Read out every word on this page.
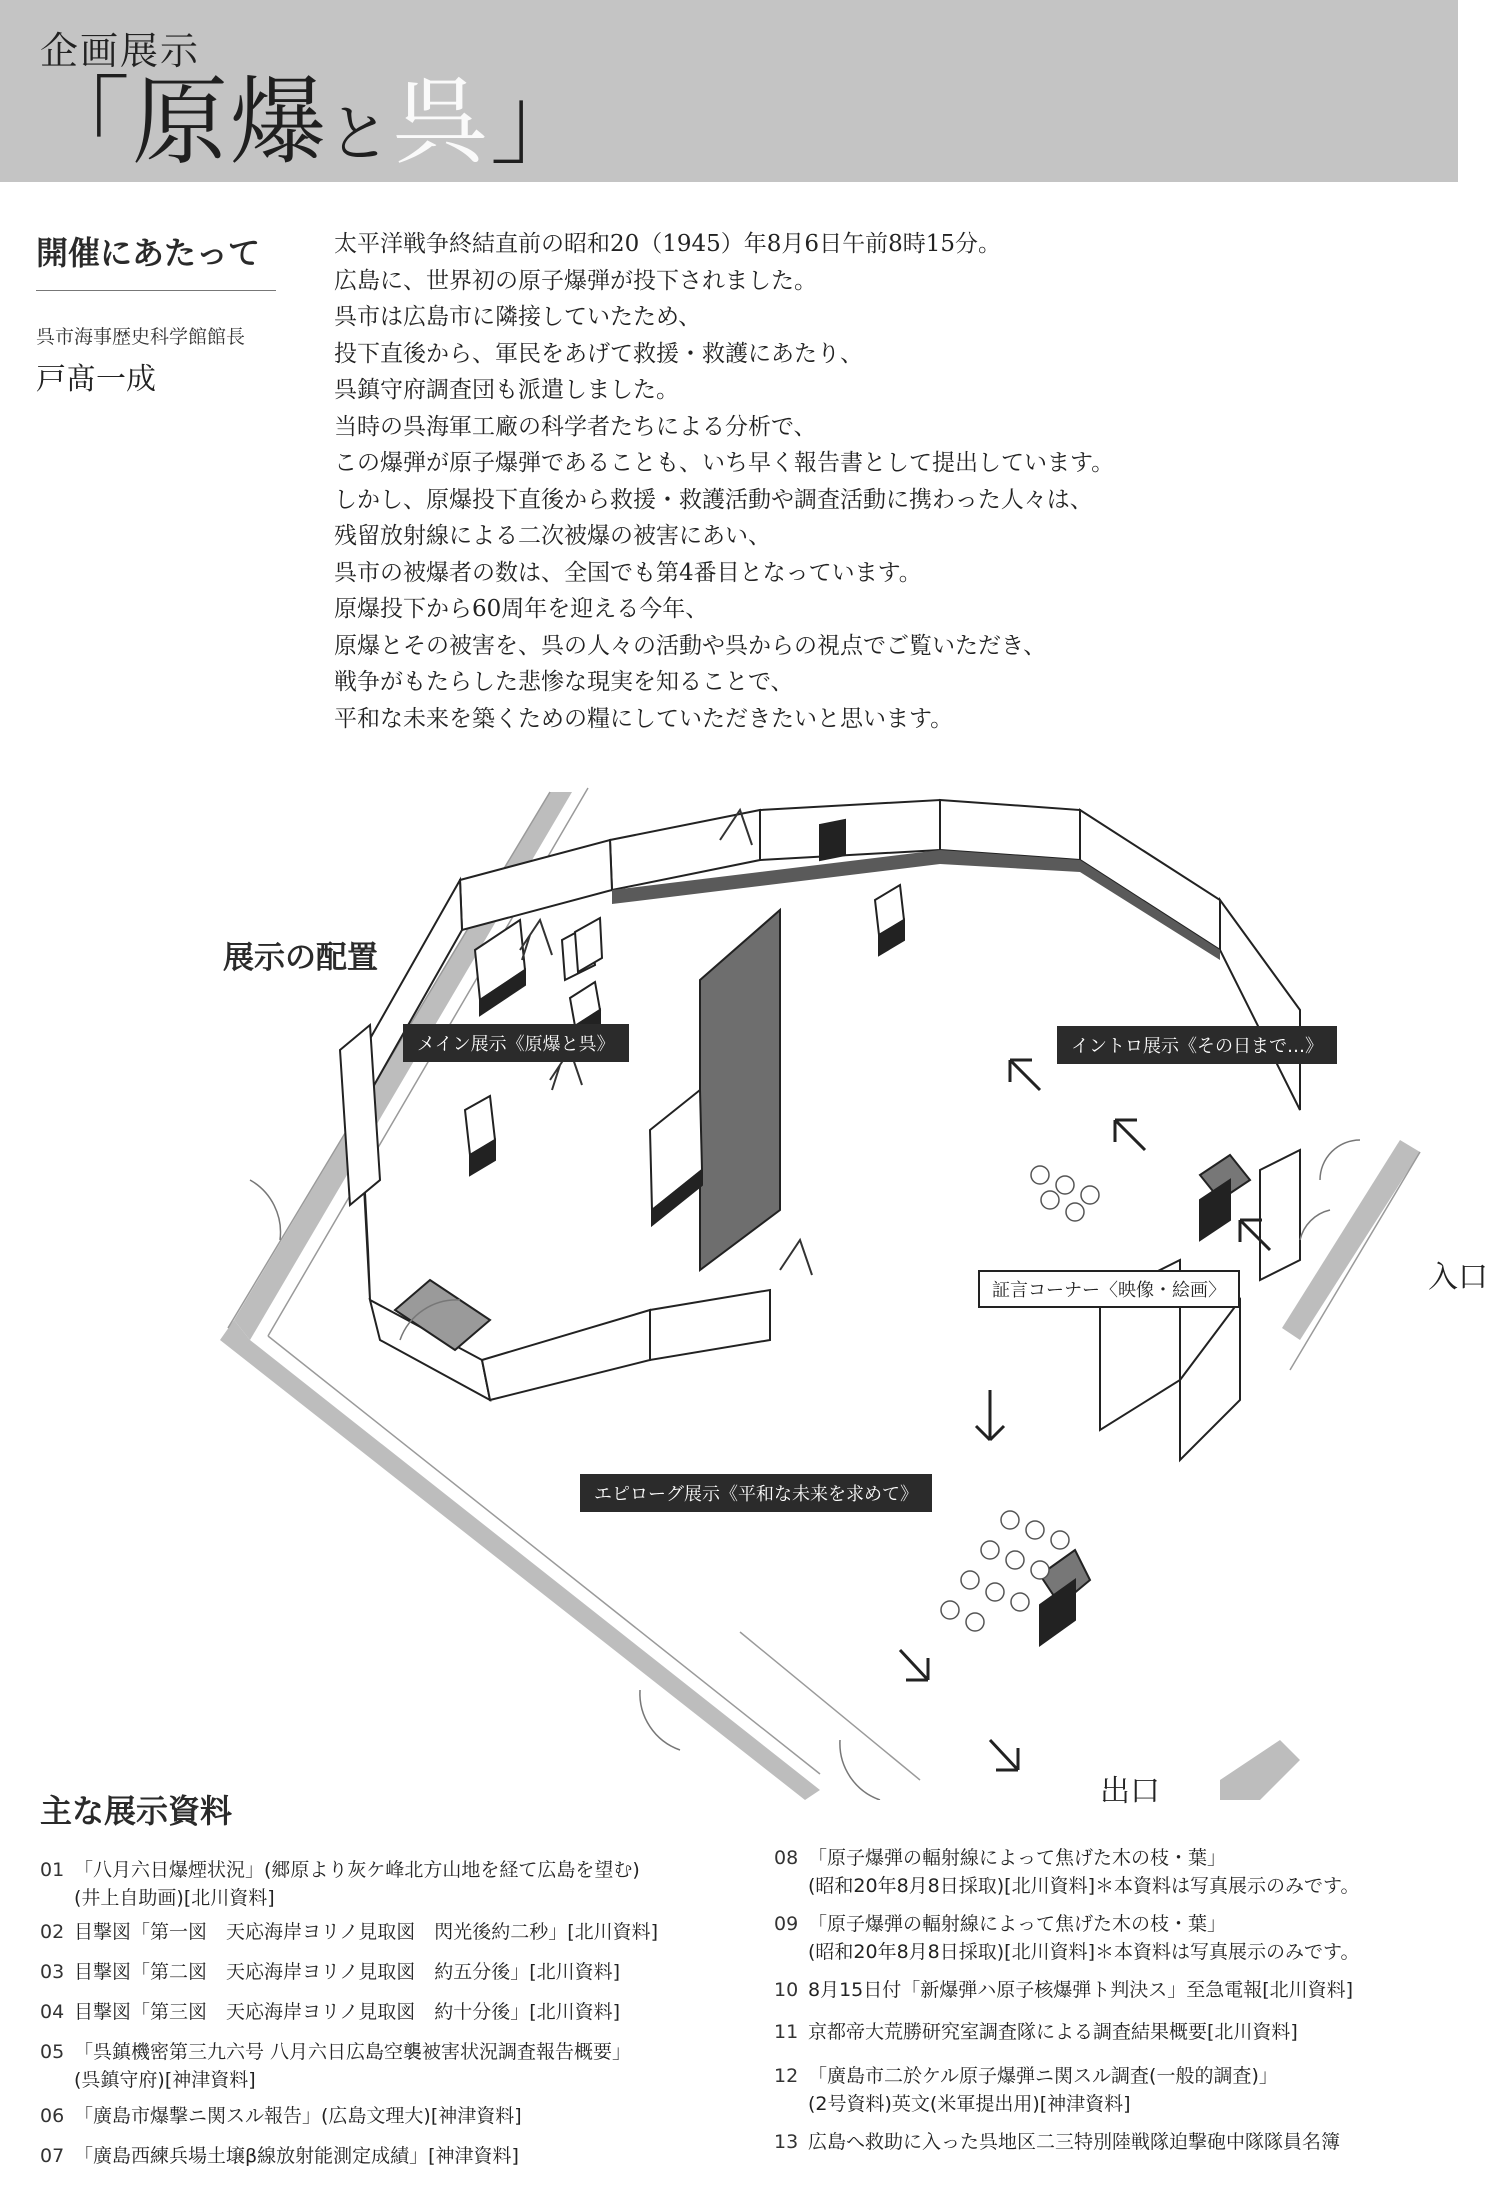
企画展示
「原爆と呉」
開催にあたって
呉市海事歴史科学館館長
戸髙一成
太平洋戦争終結直前の昭和20（1945）年8月6日午前8時15分。
広島に、世界初の原子爆弾が投下されました。
呉市は広島市に隣接していたため、
投下直後から、軍民をあげて救援・救護にあたり、
呉鎮守府調査団も派遣しました。
当時の呉海軍工廠の科学者たちによる分析で、
この爆弾が原子爆弾であることも、いち早く報告書として提出しています。
しかし、原爆投下直後から救援・救護活動や調査活動に携わった人々は、
残留放射線による二次被爆の被害にあい、
呉市の被爆者の数は、全国でも第4番目となっています。
原爆投下から60周年を迎える今年、
原爆とその被害を、呉の人々の活動や呉からの視点でご覧いただき、
戦争がもたらした悲惨な現実を知ることで、
平和な未来を築くための糧にしていただきたいと思います。
展示の配置
メイン展示《原爆と呉》	イントロ展示《その日まで…》
証言コーナー〈映像・絵画〉
エピローグ展示《平和な未来を求めて》
入口
出口
主な展示資料
01 「八月六日爆煙状況」(郷原より灰ケ峰北方山地を経て広島を望む)
(井上自助画)[北川資料]
02 目撃図「第一図　天応海岸ヨリノ見取図　閃光後約二秒」[北川資料]
03 目撃図「第二図　天応海岸ヨリノ見取図　約五分後」[北川資料]
04 目撃図「第三図　天応海岸ヨリノ見取図　約十分後」[北川資料]
05 「呉鎮機密第三九六号 八月六日広島空襲被害状況調査報告概要」
(呉鎮守府)[神津資料]
06 「廣島市爆撃ニ関スル報告」(広島文理大)[神津資料]
07 「廣島西練兵場土壌β線放射能測定成績」[神津資料]
08 「原子爆弾の輻射線によって焦げた木の枝・葉」
(昭和20年8月8日採取)[北川資料]＊本資料は写真展示のみです。
09 「原子爆弾の輻射線によって焦げた木の枝・葉」
(昭和20年8月8日採取)[北川資料]＊本資料は写真展示のみです。
10 8月15日付「新爆弾ハ原子核爆弾ト判決ス」至急電報[北川資料]
11 京都帝大荒勝研究室調査隊による調査結果概要[北川資料]
12 「廣島市二於ケル原子爆弾ニ関スル調査(一般的調査)」
(2号資料)英文(米軍提出用)[神津資料]
13 広島へ救助に入った呉地区二三特別陸戦隊迫撃砲中隊隊員名簿
